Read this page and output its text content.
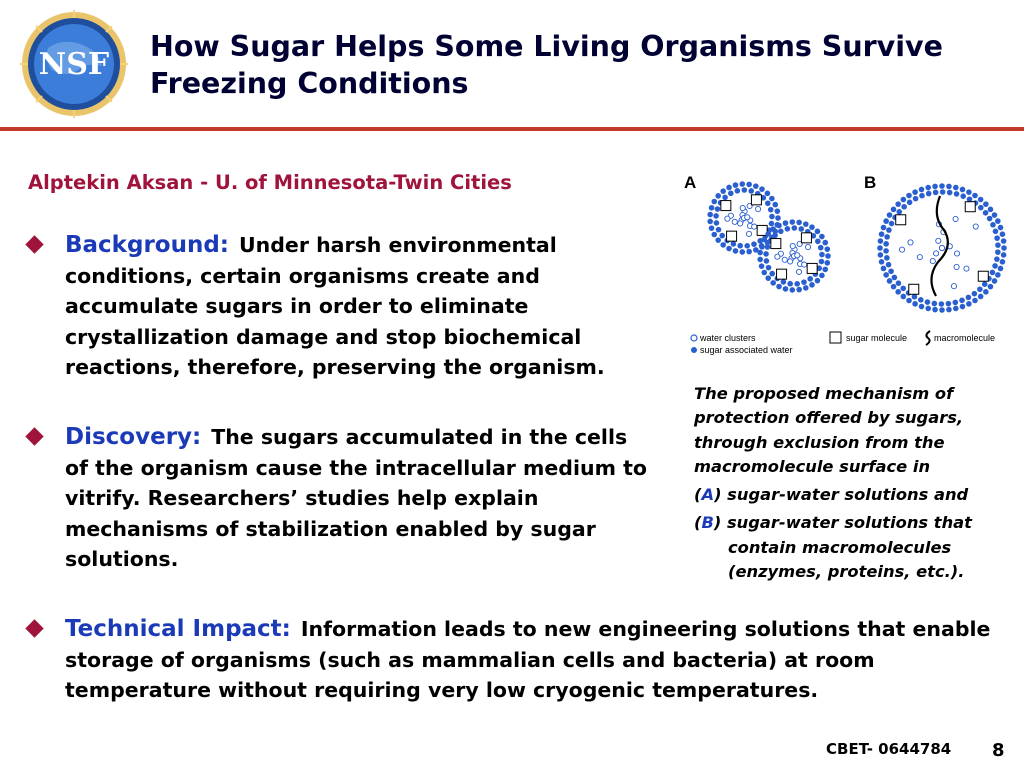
NSF
How Sugar Helps Some Living Organisms Survive
Freezing Conditions
Alptekin Aksan - U. of Minnesota-Twin Cities
Background: Under harsh environmental conditions, certain organisms create and accumulate sugars in order to eliminate crystallization damage and stop biochemical reactions, therefore, preserving the organism.
Discovery: The sugars accumulated in the cells of the organism cause the intracellular medium to vitrify. Researchers’ studies help explain mechanisms of stabilization enabled by sugar solutions.
Technical Impact: Information leads to new engineering solutions that enable storage of organisms (such as mammalian cells and bacteria) at room temperature without requiring very low cryogenic temperatures.
A	B
water clusters
sugar associated water
sugar molecule	macromolecule
The proposed mechanism of protection offered by sugars, through exclusion from the macromolecule surface in
(A) sugar-water solutions and
(B) sugar-water solutions that contain macromolecules (enzymes, proteins, etc.).
CBET- 0644784 8
